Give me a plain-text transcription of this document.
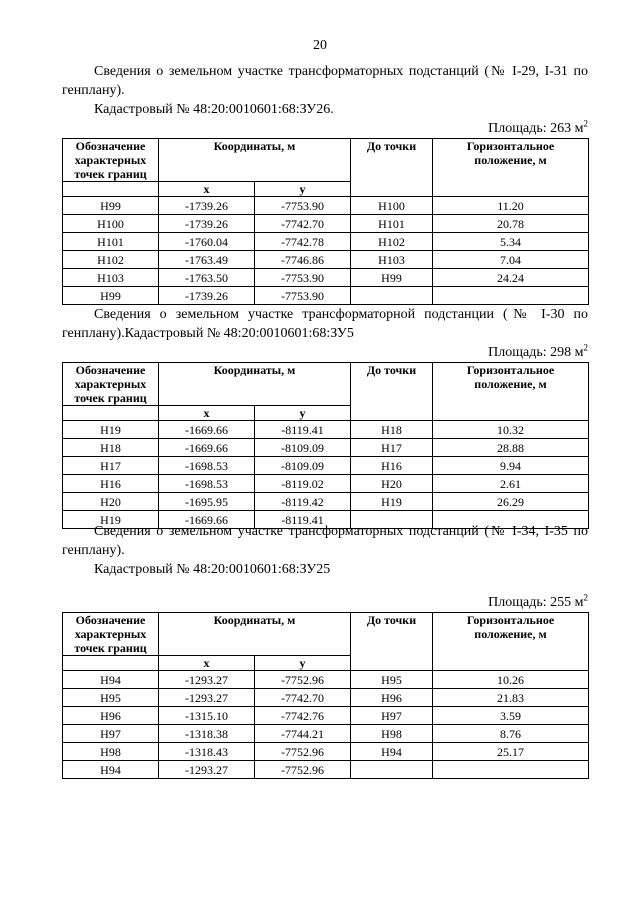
20

Сведения о земельном участке трансформаторных подстанций (№ I-29, I-31 по генплану).

Кадастровый № 48:20:0010601:68:ЗУ26.

Площадь: 263 $м^2$

Обозначение характерных точек границ	Координаты, м		До точки	Горизонтальное положение, м
	x	y		
Н99	-1739.26	-7753.90	Н100	11.20
Н100	-1739.26	-7742.70	Н101	20.78
Н101	-1760.04	-7742.78	Н102	5.34
Н102	-1763.49	-7746.86	Н103	7.04
Н103	-1763.50	-7753.90	Н99	24.24
Н99	-1739.26	-7753.90		

Сведения о земельном участке трансформаторной подстанции (№ I-30 по генплану).Кадастровый № 48:20:0010601:68:ЗУ5

Площадь: 298 $м^2$

Обозначение характерных точек границ	Координаты, м		До точки	Горизонтальное положение, м
	x	y		
Н19	-1669.66	-8119.41	Н18	10.32
Н18	-1669.66	-8109.09	Н17	28.88
Н17	-1698.53	-8109.09	Н16	9.94
Н16	-1698.53	-8119.02	Н20	2.61
Н20	-1695.95	-8119.42	Н19	26.29
Н19	-1669.66	-8119.41		

Сведения о земельном участке трансформаторных подстанций (№ I-34, I-35 по генплану).

Кадастровый № 48:20:0010601:68:ЗУ25

Площадь: 255 $м^2$

Обозначение характерных точек границ	Координаты, м		До точки	Горизонтальное положение, м
	x	y		
Н94	-1293.27	-7752.96	Н95	10.26
Н95	-1293.27	-7742.70	Н96	21.83
Н96	-1315.10	-7742.76	Н97	3.59
Н97	-1318.38	-7744.21	Н98	8.76
Н98	-1318.43	-7752.96	Н94	25.17
Н94	-1293.27	-7752.96		
